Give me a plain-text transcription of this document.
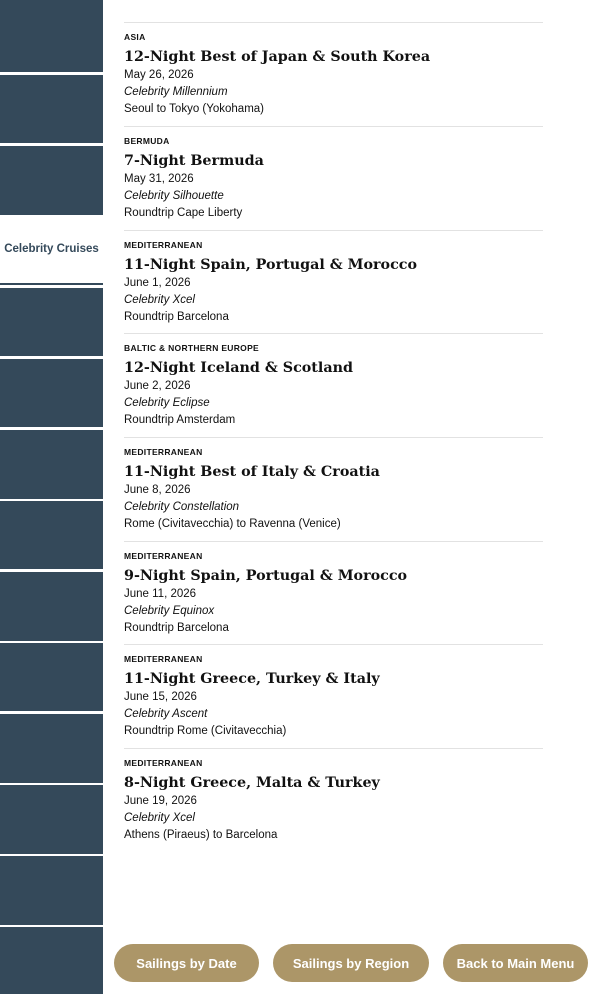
Celebrity Cruises
ASIA
12-Night Best of Japan & South Korea
May 26, 2026
Celebrity Millennium
Seoul to Tokyo (Yokohama)
BERMUDA
7-Night Bermuda
May 31, 2026
Celebrity Silhouette
Roundtrip Cape Liberty
MEDITERRANEAN
11-Night Spain, Portugal & Morocco
June 1, 2026
Celebrity Xcel
Roundtrip Barcelona
BALTIC & NORTHERN EUROPE
12-Night Iceland & Scotland
June 2, 2026
Celebrity Eclipse
Roundtrip Amsterdam
MEDITERRANEAN
11-Night Best of Italy & Croatia
June 8, 2026
Celebrity Constellation
Rome (Civitavecchia) to Ravenna (Venice)
MEDITERRANEAN
9-Night Spain, Portugal & Morocco
June 11, 2026
Celebrity Equinox
Roundtrip Barcelona
MEDITERRANEAN
11-Night Greece, Turkey & Italy
June 15, 2026
Celebrity Ascent
Roundtrip Rome (Civitavecchia)
MEDITERRANEAN
8-Night Greece, Malta & Turkey
June 19, 2026
Celebrity Xcel
Athens (Piraeus) to Barcelona
Sailings by Date	Sailings by Region	Back to Main Menu
